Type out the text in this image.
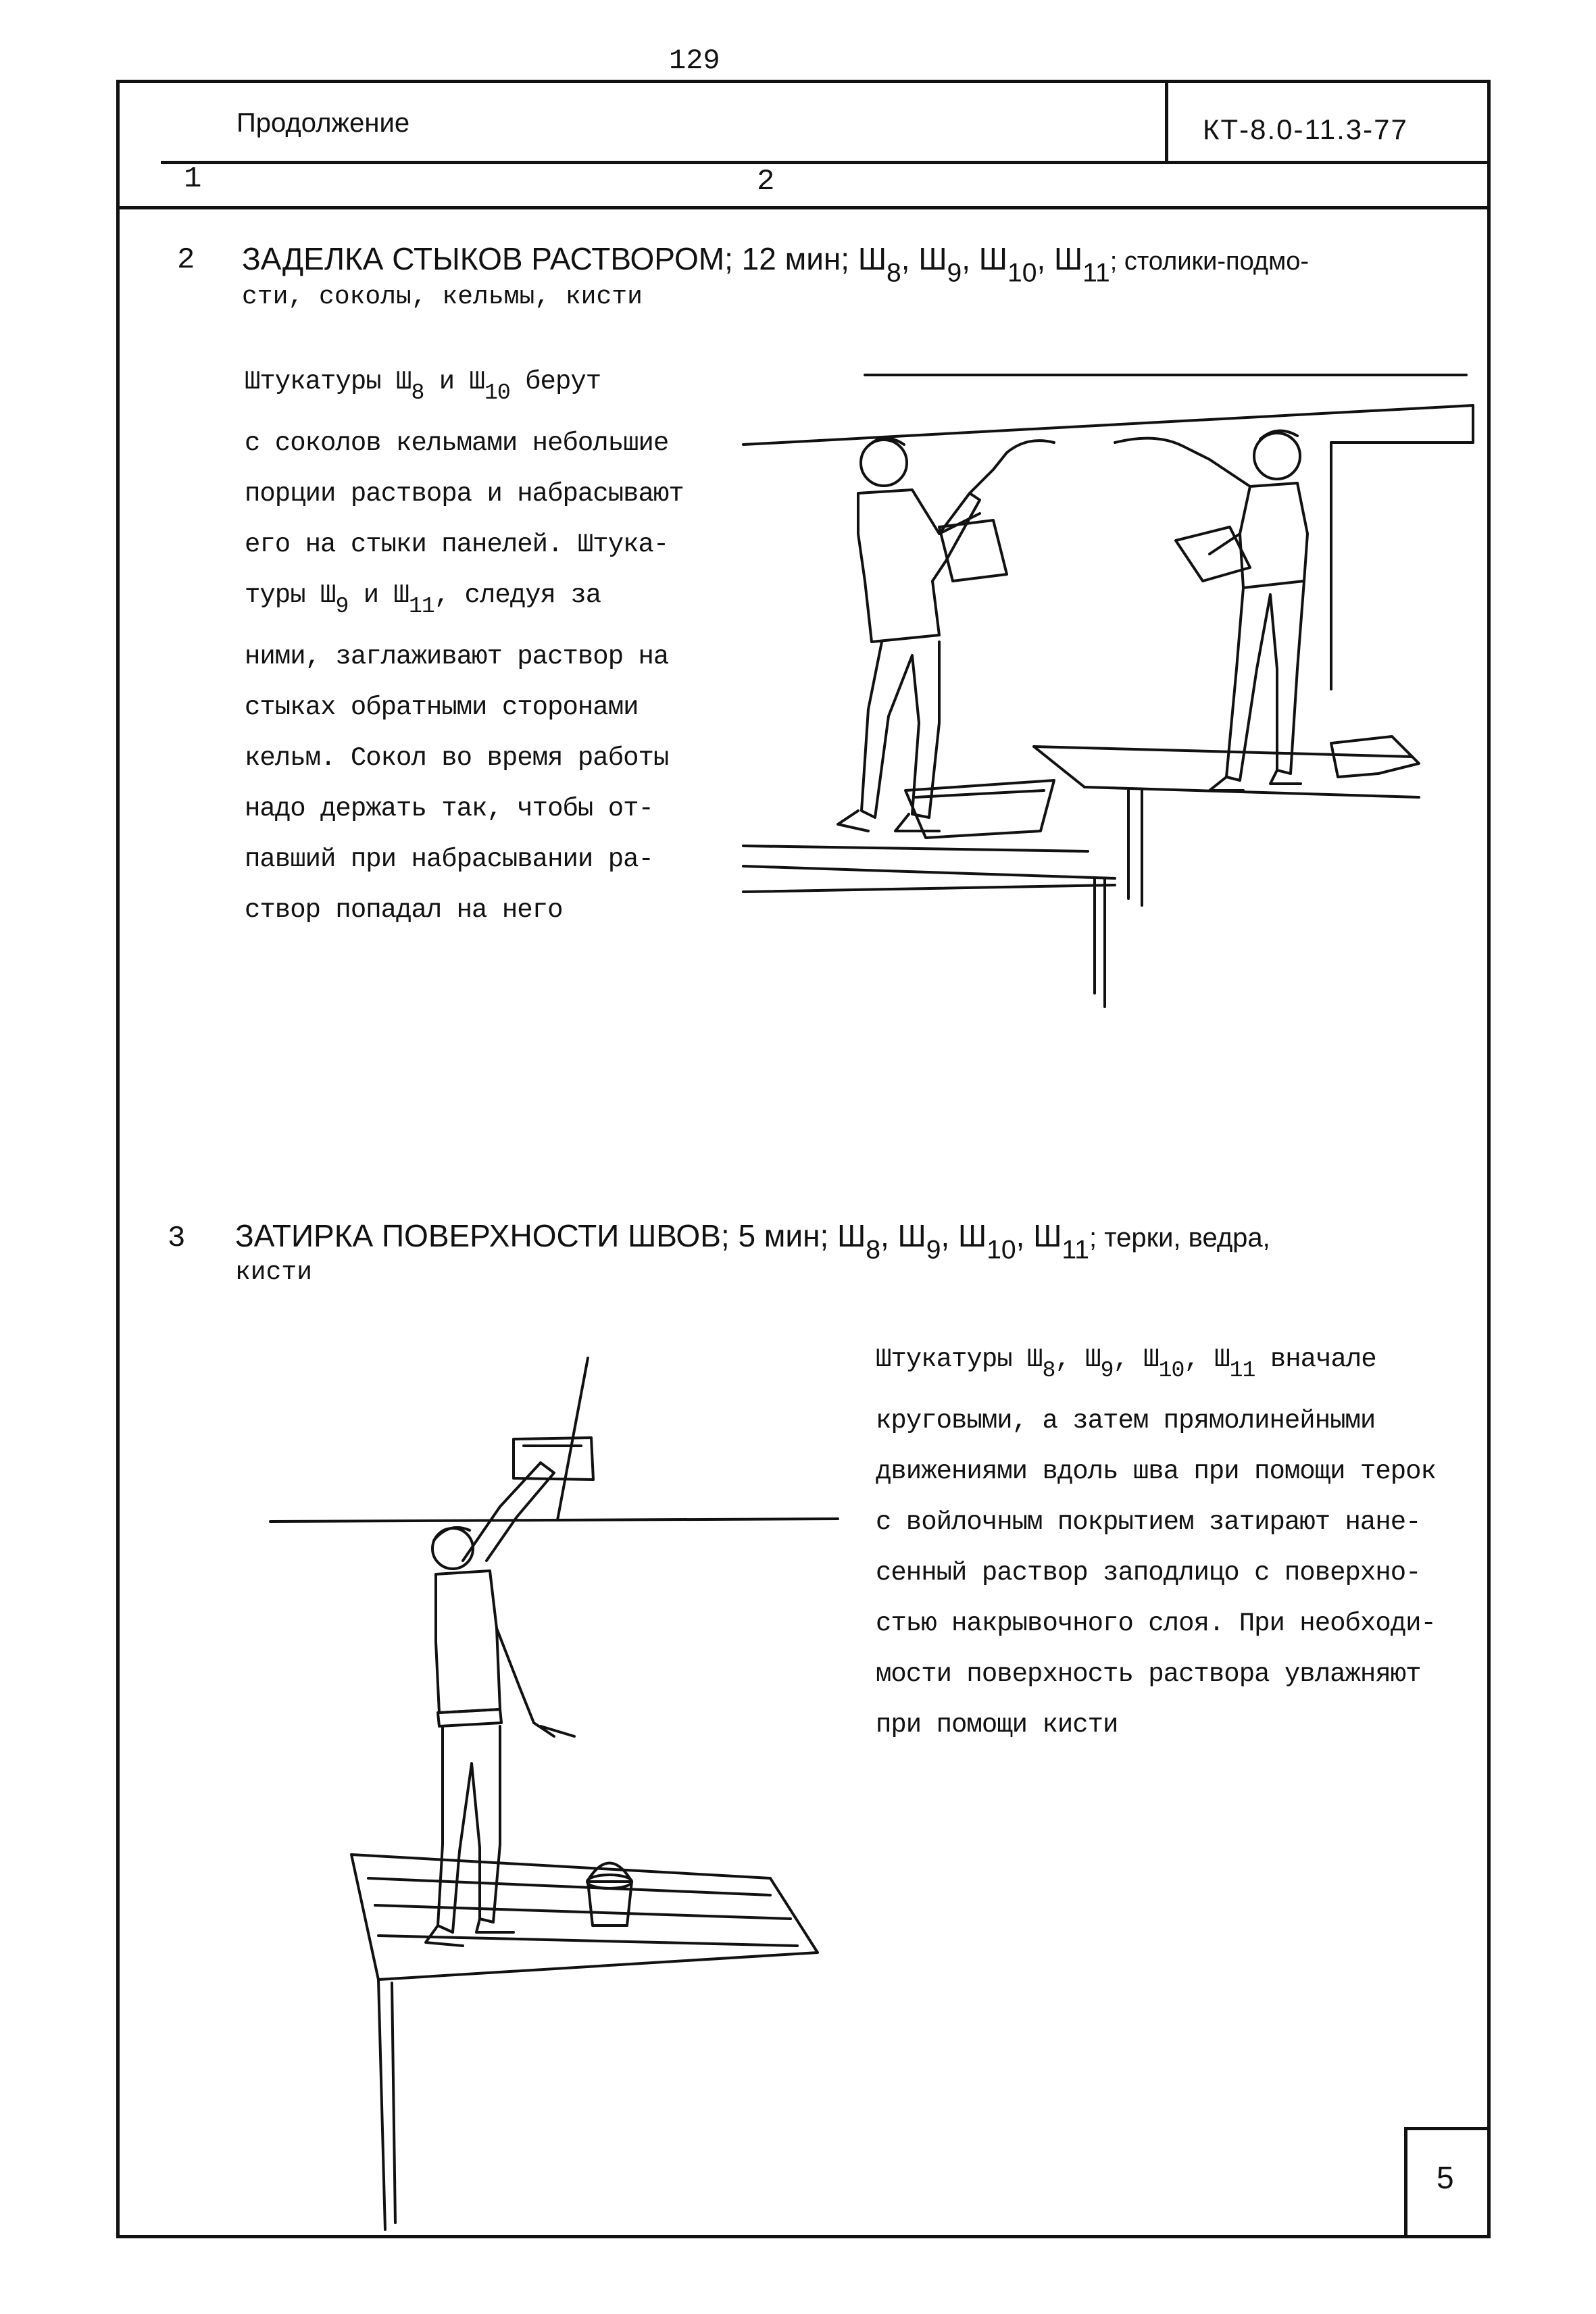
129
Продолжение	КТ-8.0-11.3-77
1	2
5
2 ЗАДЕЛКА СТЫКОВ РАСТВОРОМ; 12 мин; $Ш_8$, $Ш_9$, $Ш_{10}$, $Ш_{11}$; столики-подмо-
сти, соколы, кельмы, кисти
Штукатуры $Ш_8$ и $Ш_{10}$ берут
с соколов кельмами небольшие
порции раствора и набрасывают
его на стыки панелей. Штука-
туры $Ш_9$ и $Ш_{11}$, следуя за
ними, заглаживают раствор на
стыках обратными сторонами
кельм. Сокол во время работы
надо держать так, чтобы от-
павший при набрасывании ра-
створ попадал на него
3 ЗАТИРКА ПОВЕРХНОСТИ ШВОВ; 5 мин; $Ш_8$, $Ш_9$, $Ш_{10}$, $Ш_{11}$; терки, ведра,
кисти
Штукатуры $Ш_8$, $Ш_9$, $Ш_{10}$, $Ш_{11}$ вначале
круговыми, а затем прямолинейными
движениями вдоль шва при помощи терок
с войлочным покрытием затирают нане-
сенный раствор заподлицо с поверхно-
стью накрывочного слоя. При необходи-
мости поверхность раствора увлажняют
при помощи кисти
